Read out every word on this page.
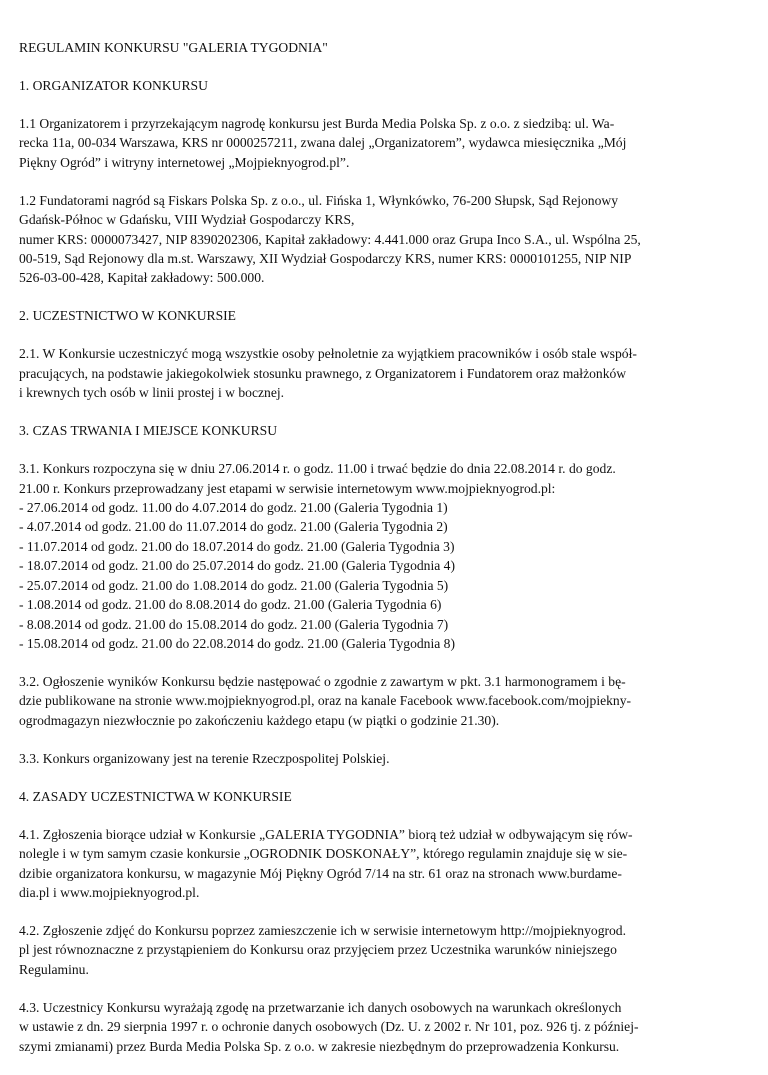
REGULAMIN KONKURSU "GALERIA TYGODNIA"
1. ORGANIZATOR KONKURSU
1.1 Organizatorem i przyrzekającym nagrodę konkursu jest Burda Media Polska Sp. z o.o. z siedzibą: ul. Wa-
recka 11a, 00-034 Warszawa, KRS nr 0000257211, zwana dalej „Organizatorem”, wydawca miesięcznika „Mój
Piękny Ogród” i witryny internetowej „Mojpieknyogrod.pl”.
1.2 Fundatorami nagród są Fiskars Polska Sp. z o.o., ul. Fińska 1, Włynkówko, 76-200 Słupsk, Sąd Rejonowy
Gdańsk-Północ w Gdańsku, VIII Wydział Gospodarczy KRS,
numer KRS: 0000073427, NIP 8390202306, Kapitał zakładowy: 4.441.000 oraz Grupa Inco S.A., ul. Wspólna 25,
00-519, Sąd Rejonowy dla m.st. Warszawy, XII Wydział Gospodarczy KRS, numer KRS: 0000101255, NIP NIP
526-03-00-428, Kapitał zakładowy: 500.000.
2. UCZESTNICTWO W KONKURSIE
2.1. W Konkursie uczestniczyć mogą wszystkie osoby pełnoletnie za wyjątkiem pracowników i osób stale współ-
pracujących, na podstawie jakiegokolwiek stosunku prawnego, z Organizatorem i Fundatorem oraz małżonków
i krewnych tych osób w linii prostej i w bocznej.
3. CZAS TRWANIA I MIEJSCE KONKURSU
3.1. Konkurs rozpoczyna się w dniu 27.06.2014 r. o godz. 11.00 i trwać będzie do dnia 22.08.2014 r. do godz.
21.00 r. Konkurs przeprowadzany jest etapami w serwisie internetowym www.mojpieknyogrod.pl:
- 27.06.2014 od godz. 11.00 do 4.07.2014 do godz. 21.00 (Galeria Tygodnia 1)
- 4.07.2014 od godz. 21.00 do 11.07.2014 do godz. 21.00 (Galeria Tygodnia 2)
- 11.07.2014 od godz. 21.00 do 18.07.2014 do godz. 21.00 (Galeria Tygodnia 3)
- 18.07.2014 od godz. 21.00 do 25.07.2014 do godz. 21.00 (Galeria Tygodnia 4)
- 25.07.2014 od godz. 21.00 do 1.08.2014 do godz. 21.00 (Galeria Tygodnia 5)
- 1.08.2014 od godz. 21.00 do 8.08.2014 do godz. 21.00 (Galeria Tygodnia 6)
- 8.08.2014 od godz. 21.00 do 15.08.2014 do godz. 21.00 (Galeria Tygodnia 7)
- 15.08.2014 od godz. 21.00 do 22.08.2014 do godz. 21.00 (Galeria Tygodnia 8)
3.2. Ogłoszenie wyników Konkursu będzie następować o zgodnie z zawartym w pkt. 3.1 harmonogramem i bę-
dzie publikowane na stronie www.mojpieknyogrod.pl, oraz na kanale Facebook www.facebook.com/mojpiekny-
ogrodmagazyn niezwłocznie po zakończeniu każdego etapu (w piątki o godzinie 21.30).
3.3. Konkurs organizowany jest na terenie Rzeczpospolitej Polskiej.
4. ZASADY UCZESTNICTWA W KONKURSIE
4.1. Zgłoszenia biorące udział w Konkursie „GALERIA TYGODNIA” biorą też udział w odbywającym się rów-
nolegle i w tym samym czasie konkursie „OGRODNIK DOSKONAŁY”, którego regulamin znajduje się w sie-
dzibie organizatora konkursu, w magazynie Mój Piękny Ogród 7/14 na str. 61 oraz na stronach www.burdame-
dia.pl i www.mojpieknyogrod.pl.
4.2. Zgłoszenie zdjęć do Konkursu poprzez zamieszczenie ich w serwisie internetowym http://mojpieknyogrod.
pl jest równoznaczne z przystąpieniem do Konkursu oraz przyjęciem przez Uczestnika warunków niniejszego
Regulaminu.
4.3. Uczestnicy Konkursu wyrażają zgodę na przetwarzanie ich danych osobowych na warunkach określonych
w ustawie z dn. 29 sierpnia 1997 r. o ochronie danych osobowych (Dz. U. z 2002 r. Nr 101, poz. 926 tj. z później-
szymi zmianami) przez Burda Media Polska Sp. z o.o. w zakresie niezbędnym do przeprowadzenia Konkursu.
